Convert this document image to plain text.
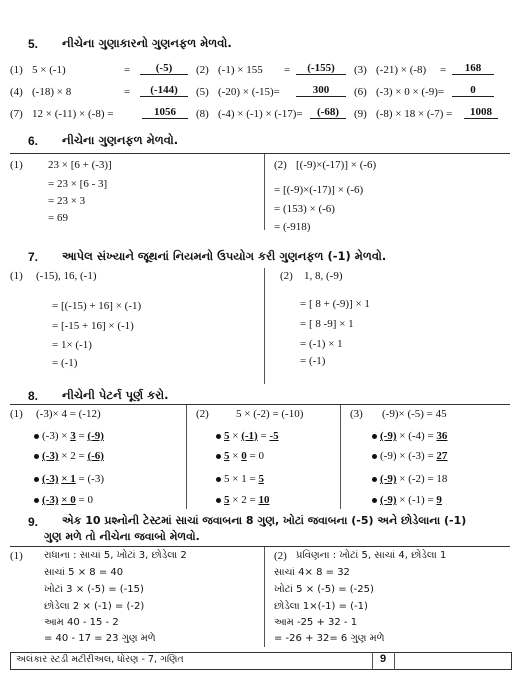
5. નીચેના ગુણાકારનો ગુણનફળ મેળવો.
(1) 5 × (-1)	=	(-5)	(2) (-1) × 155 =	(-155)	(3) (-21) × (-8) =	168
(4) (-18) × 8	=	(-144)	(5) (-20) × (-15)=	300	(6) (-3) × 0 × (-9)=	0
(7) 12 × (-11) × (-8) =	1056	(8) (-4) × (-1) × (-17)=	(-68)	(9) (-8) × 18 × (-7) =	1008
6. નીચેના ગુણનફળ મેળવો.
(1) 23 × [6 + (-3)]
= 23 × [6 - 3]
= 23 × 3
= 69
(2) [(-9)×(-17)] × (-6)
= [(-9)×(-17)] × (-6)
= (153) × (-6)
= (-918)
7. આપેલ સંખ્યાને જૂથનાં નિયમનો ઉપયોગ કરી ગુણનફળ (-1) મેળવો.
(1) (-15), 16, (-1)
= [(-15) + 16] × (-1)
= [-15 + 16] × (-1)
= 1× (-1)
= (-1)
(2) 1, 8, (-9)
= [ 8 + (-9)] × 1
= [ 8 -9] × 1
= (-1) × 1
= (-1)
8. નીચેની પેટર્ન પૂર્ણ કરો.
(1) (-3)× 4 = (-12)
(-3) × 3 = (-9)
(-3) × 2 = (-6)
(-3) × 1 = (-3)
(-3) × 0 = 0
(2) 5 × (-2) = (-10)
5 × (-1) = -5
5 × 0 = 0
5 × 1 = 5
5 × 2 = 10
(3) (-9)× (-5) = 45
(-9) × (-4) = 36
(-9) × (-3) = 27
(-9) × (-2) = 18
(-9) × (-1) = 9
9. એક 10 પ્રશ્નોની ટેસ્ટમાં સાચાં જવાબના 8 ગુણ, ખોટાં જવાબના (-5) અને છોડેલાના (-1)
ગુણ મળે તો નીચેના જવાબો મેળવો.
(1) રાધાના : સાચાં 5, ખોટાં 3, છોડેલા 2
સાચાં 5 × 8 = 40
ખોટાં 3 × (-5) = (-15)
છોડેલા 2 × (-1) = (-2)
આમ 40 - 15 - 2
= 40 - 17 = 23 ગુણ મળે
(2) પ્રવિણના : ખોટાં 5, સાચાં 4, છોડેલા 1
સાચાં 4× 8 = 32
ખોટાં 5 × (-5) = (-25)
છોડેલા 1×(-1) = (-1)
આમ -25 + 32 - 1
= -26 + 32= 6 ગુણ મળે
અલંકાર સ્ટડી મટીરીઅલ, ધોરણ - 7, ગણિત	9
